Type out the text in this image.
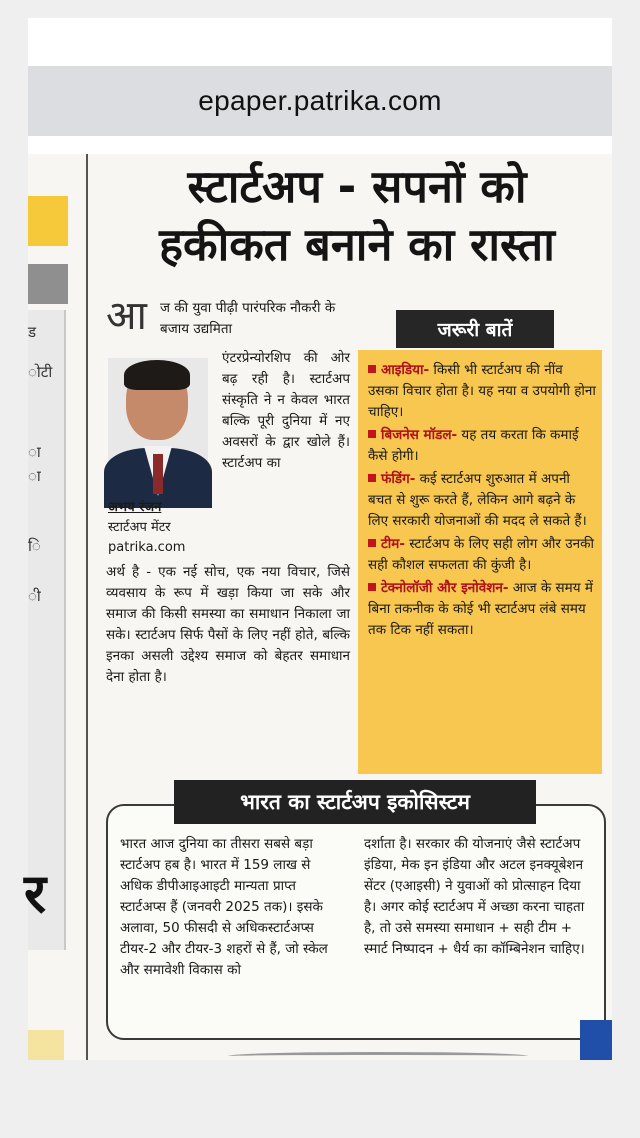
epaper.patrika.com
ड
ोटी
ा
ा
ि
ी
र
स्टार्टअप - सपनों को
हकीकत बनाने का रास्ता
आ ज की युवा पीढ़ी पारंपरिक नौकरी के बजाय उद्यमिता

अभय रंजन
स्टार्टअप मेंटर
patrika.com

एंटरप्रेन्योरशिप की ओर बढ़ रही है। स्टार्टअप संस्कृति ने न केवल भारत बल्कि पूरी दुनिया में नए अवसरों के द्वार खोले हैं। स्टार्टअप का

अर्थ है - एक नई सोच, एक नया विचार, जिसे व्यवसाय के रूप में खड़ा किया जा सके और समाज की किसी समस्या का समाधान निकाला जा सके। स्टार्टअप सिर्फ पैसों के लिए नहीं होते, बल्कि इनका असली उद्देश्य समाज को बेहतर समाधान देना होता है।

जरूरी बातें
आइडिया- किसी भी स्टार्टअप की नींव उसका विचार होता है। यह नया व उपयोगी होना चाहिए।
बिजनेस मॉडल- यह तय करता कि कमाई कैसे होगी।
फंडिंग- कई स्टार्टअप शुरुआत में अपनी बचत से शुरू करते हैं, लेकिन आगे बढ़ने के लिए सरकारी योजनाओं की मदद ले सकते हैं।
टीम- स्टार्टअप के लिए सही लोग और उनकी सही कौशल सफलता की कुंजी है।
टेक्नोलॉजी और इनोवेशन- आज के समय में बिना तकनीक के कोई भी स्टार्टअप लंबे समय तक टिक नहीं सकता।
भारत का स्टार्टअप इकोसिस्टम

भारत आज दुनिया का तीसरा सबसे बड़ा स्टार्टअप हब है। भारत में 159 लाख से अधिक डीपीआइआइटी मान्यता प्राप्त स्टार्टअप्स हैं (जनवरी 2025 तक)। इसके अलावा, 50 फीसदी से अधिकस्टार्टअप्स टीयर-2 और टीयर-3 शहरों से हैं, जो स्केल और समावेशी विकास को

दर्शाता है। सरकार की योजनाएं जैसे स्टार्टअप इंडिया, मेक इन इंडिया और अटल इनक्यूबेशन सेंटर (एआइसी) ने युवाओं को प्रोत्साहन दिया है। अगर कोई स्टार्टअप में अच्छा करना चाहता है, तो उसे समस्या समाधान + सही टीम + स्मार्ट निष्पादन + धैर्य का कॉम्बिनेशन चाहिए।
